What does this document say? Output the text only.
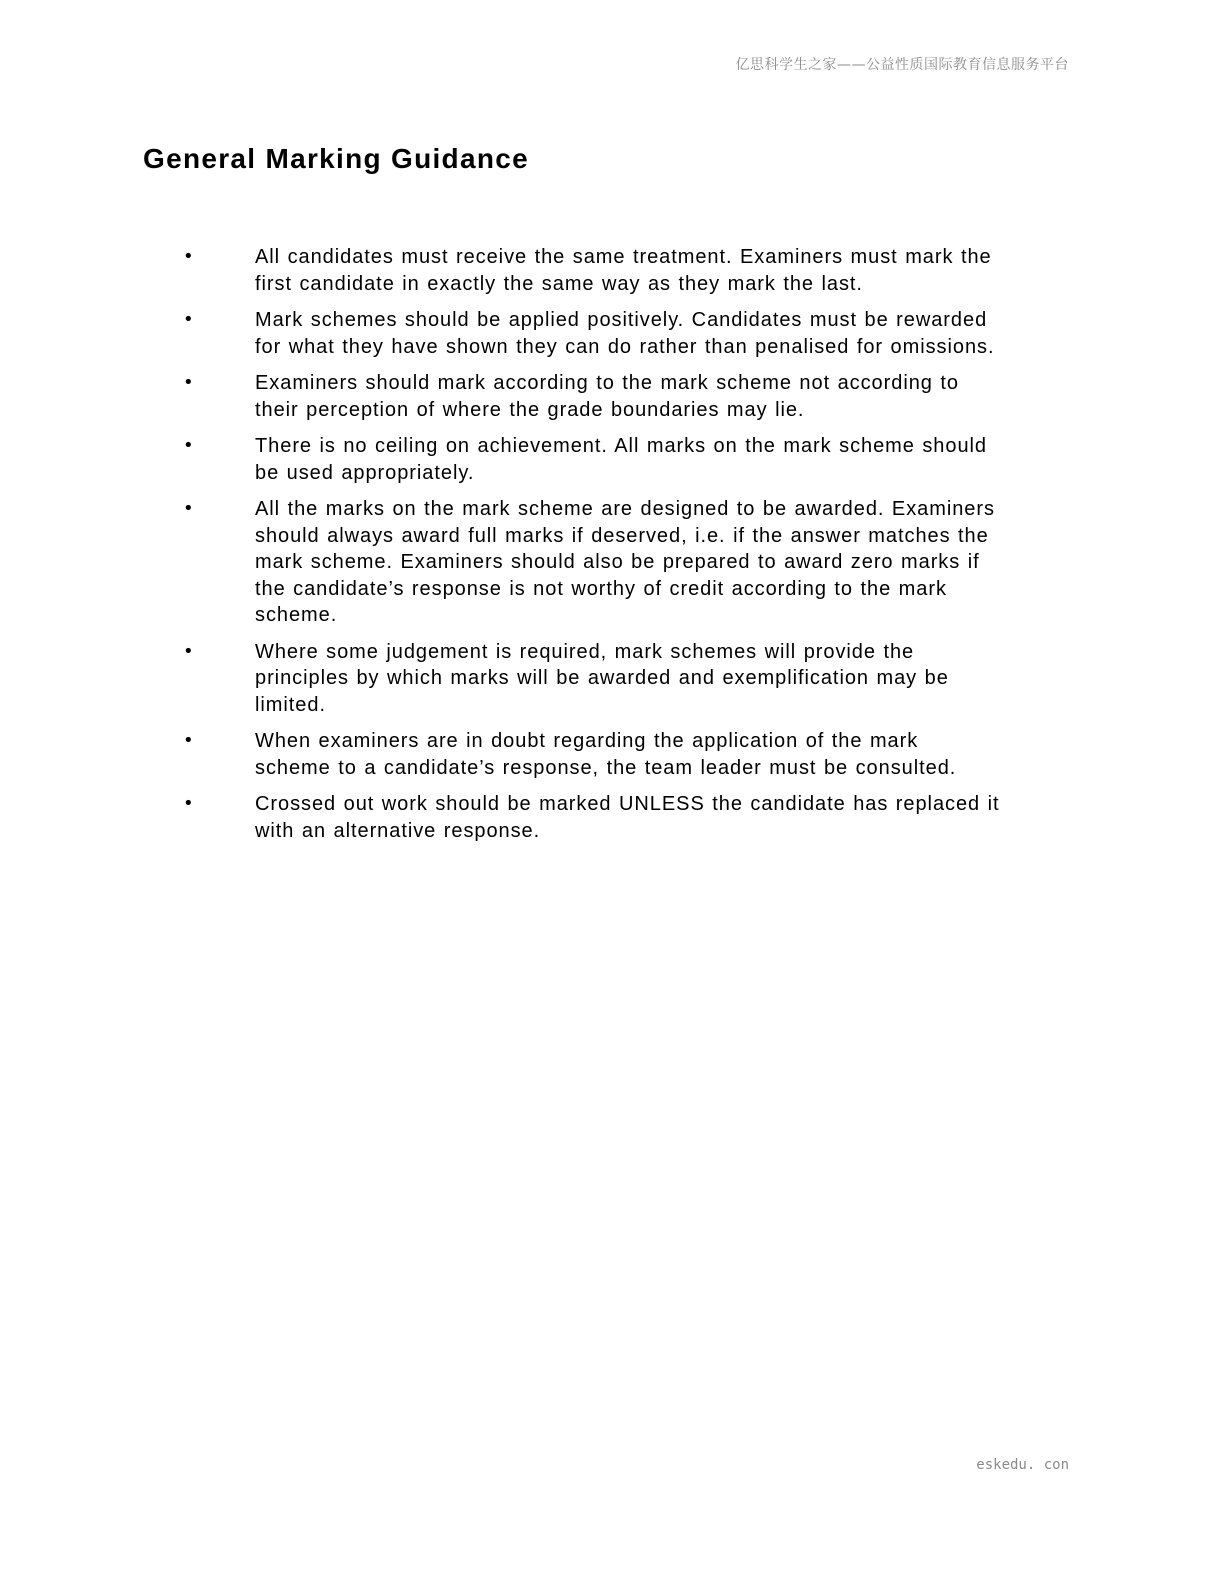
亿思科学生之家——公益性质国际教育信息服务平台
General Marking Guidance
•	All candidates must receive the same treatment. Examiners must mark the first candidate in exactly the same way as they mark the last.
•	Mark schemes should be applied positively. Candidates must be rewarded for what they have shown they can do rather than penalised for omissions.
•	Examiners should mark according to the mark scheme not according to their perception of where the grade boundaries may lie.
•	There is no ceiling on achievement. All marks on the mark scheme should be used appropriately.
•	All the marks on the mark scheme are designed to be awarded. Examiners should always award full marks if deserved, i.e. if the answer matches the mark scheme. Examiners should also be prepared to award zero marks if the candidate’s response is not worthy of credit according to the mark scheme.
•	Where some judgement is required, mark schemes will provide the principles by which marks will be awarded and exemplification may be limited.
•	When examiners are in doubt regarding the application of the mark scheme to a candidate’s response, the team leader must be consulted.
•	Crossed out work should be marked UNLESS the candidate has replaced it with an alternative response.
eskedu. con
